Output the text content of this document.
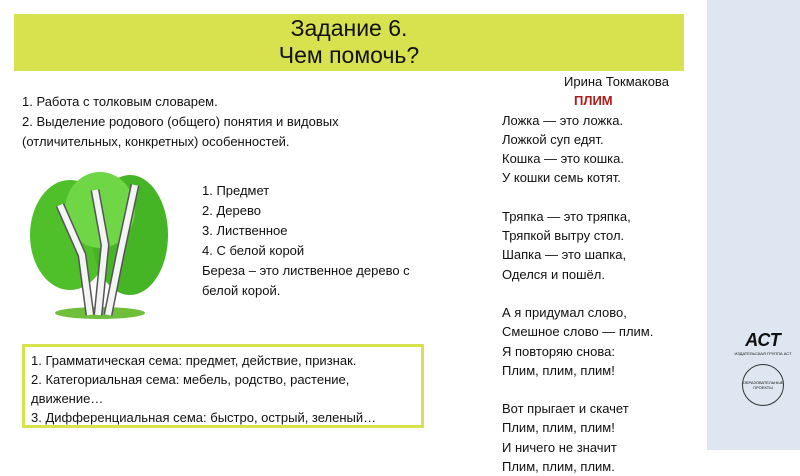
Задание 6.
Чем помочь?
1. Работа с толковым словарем.
2. Выделение родового (общего) понятия и видовых
(отличительных, конкретных) особенностей.
1. Предмет
2. Дерево
3. Лиственное
4. С белой корой
Береза – это лиственное дерево с
белой корой.
Ирина Токмакова
ПЛИМ
Ложка — это ложка.
Ложкой суп едят.
Кошка — это кошка.
У кошки семь котят.
Тряпка — это тряпка,
Тряпкой вытру стол.
Шапка — это шапка,
Оделся и пошёл.
А я придумал слово,
Смешное слово — плим.
Я повторяю снова:
Плим, плим, плим!
Вот прыгает и скачет
Плим, плим, плим!
И ничего не значит
Плим, плим, плим.
1. Грамматическая сема: предмет, действие, признак.
2. Категориальная сема: мебель, родство, растение,
движение…
3. Дифференциальная сема: быстро, острый, зеленый…
АСТ
ИЗДАТЕЛЬСКАЯ ГРУППА АСТ
ОБРАЗОВАТЕЛЬНЫЕ ПРОЕКТЫ
